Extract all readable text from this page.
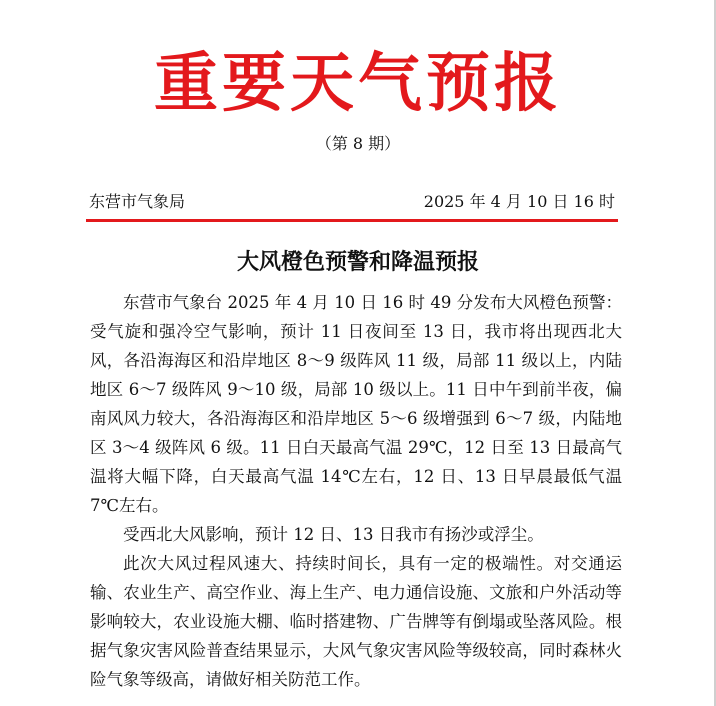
重要天气预报
（第 8 期）
东营市气象局	2025 年 4 月 10 日 16 时
大风橙色预警和降温预报

东营市气象台 2025 年 4 月 10 日 16 时 49 分发布大风橙色预警：受气旋和强冷空气影响，预计 11 日夜间至 13 日，我市将出现西北大风，各沿海海区和沿岸地区 8～9 级阵风 11 级，局部 11 级以上，内陆地区 6～7 级阵风 9～10 级，局部 10 级以上。11 日中午到前半夜，偏南风风力较大，各沿海海区和沿岸地区 5～6 级增强到 6～7 级，内陆地区 3～4 级阵风 6 级。11 日白天最高气温 29℃，12 日至 13 日最高气温将大幅下降，白天最高气温 14℃左右，12 日、13 日早晨最低气温 7℃左右。

受西北大风影响，预计 12 日、13 日我市有扬沙或浮尘。

此次大风过程风速大、持续时间长，具有一定的极端性。对交通运输、农业生产、高空作业、海上生产、电力通信设施、文旅和户外活动等影响较大，农业设施大棚、临时搭建物、广告牌等有倒塌或坠落风险。根据气象灾害风险普查结果显示，大风气象灾害风险等级较高，同时森林火险气象等级高，请做好相关防范工作。
